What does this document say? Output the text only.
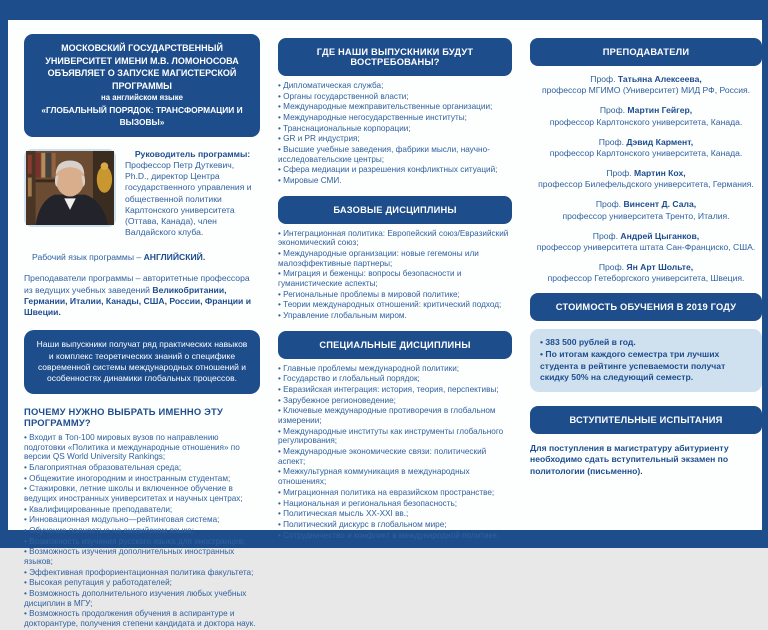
МОСКОВСКИЙ ГОСУДАРСТВЕННЫЙ УНИВЕРСИТЕТ ИМЕНИ М.В. ЛОМОНОСОВА ОБЪЯВЛЯЕТ О ЗАПУСКЕ МАГИСТЕРСКОЙ ПРОГРАММЫ
на английском языке
«ГЛОБАЛЬНЫЙ ПОРЯДОК: ТРАНСФОРМАЦИИ И ВЫЗОВЫ»
Руководитель программы:
Профессор Петр Дуткевич, Ph.D., директор Центра государственного управления и общественной политики Карлтонского университета (Оттава, Канада), член Валдайского клуба.
Рабочий язык программы – АНГЛИЙСКИЙ.
Преподаватели программы – авторитетные профессора из ведущих учебных заведений Великобритании, Германии, Италии, Канады, США, России, Франции и Швеции.
Наши выпускники получат ряд практических навыков и комплекс теоретических знаний о специфике современной системы международных отношений и особенностях динамики глобальных процессов.
ПОЧЕМУ НУЖНО ВЫБРАТЬ ИМЕННО ЭТУ ПРОГРАММУ?
• Входит в Топ-100 мировых вузов по направлению подготовки «Политика и международные отношения» по версии QS World University Rankings;
• Благоприятная образовательная среда;
• Общежитие иногородним и иностранным студентам;
• Стажировки, летние школы и включенное обучение в ведущих иностранных университетах и научных центрах;
• Квалифицированные преподаватели;
• Инновационная модульно—рейтинговая система;
• Обучение полностью на английском языке;
• Возможность изучения русского языка для иностранцев;
• Возможность изучения дополнительных иностранных языков;
• Эффективная профориентационная политика факультета;
• Высокая репутация у работодателей;
• Возможность дополнительного изучения любых учебных дисциплин в МГУ;
• Возможность продолжения обучения в аспирантуре и докторантуре, получения степени кандидата и доктора наук.
ГДЕ НАШИ ВЫПУСКНИКИ БУДУТ ВОСТРЕБОВАНЫ?
• Дипломатическая служба;
• Органы государственной власти;
• Международные межправительственные организации;
• Международные негосударственные институты;
• Транснациональные корпорации;
• GR и PR индустрия;
• Высшие учебные заведения, фабрики мысли, научно-исследовательские центры;
• Сфера медиации и разрешения конфликтных ситуаций;
• Мировые СМИ.
БАЗОВЫЕ ДИСЦИПЛИНЫ
• Интеграционная политика: Европейский союз/Евразийский экономический союз;
• Международные организации: новые гегемоны или малоэффективные партнеры;
• Миграция и беженцы: вопросы безопасности и гуманистические аспекты;
• Региональные проблемы в мировой политике;
• Теории международных отношений: критический подход;
• Управление глобальным миром.
СПЕЦИАЛЬНЫЕ ДИСЦИПЛИНЫ
• Главные проблемы международной политики;
• Государство и глобальный порядок;
• Евразийская интеграция: история, теория, перспективы;
• Зарубежное регионоведение;
• Ключевые международные противоречия в глобальном измерении;
• Международные институты как инструменты глобального регулирования;
• Международные экономические связи: политический аспект;
• Межкультурная коммуникация в международных отношениях;
• Миграционная политика на евразийском пространстве;
• Национальная и региональная безопасность;
• Политическая мысль XX-XXI вв.;
• Политический дискурс в глобальном мире;
• Сотрудничество и конфликт в международной политике.
ПРЕПОДАВАТЕЛИ
Проф. Татьяна Алексеева,
профессор МГИМО (Университет) МИД РФ, Россия.
Проф. Мартин Гейгер,
профессор Карлтонского университета, Канада.
Проф. Дэвид Кармент,
профессор Карлтонского университета, Канада.
Проф. Мартин Кох,
профессор Билефельдского университета, Германия.
Проф. Винсент Д. Сала,
профессор университета Тренто, Италия.
Проф. Андрей Цыганков,
профессор университета штата Сан-Франциско, США.
Проф. Ян Арт Шольте,
профессор Гетеборгского университета, Швеция.
СТОИМОСТЬ ОБУЧЕНИЯ В 2019 ГОДУ
• 383 500 рублей в год.
• По итогам каждого семестра три лучших студента в рейтинге успеваемости получат скидку 50% на следующий семестр.
ВСТУПИТЕЛЬНЫЕ ИСПЫТАНИЯ
Для поступления в магистратуру абитуриенту необходимо сдать вступительный экзамен по политологии (письменно).
